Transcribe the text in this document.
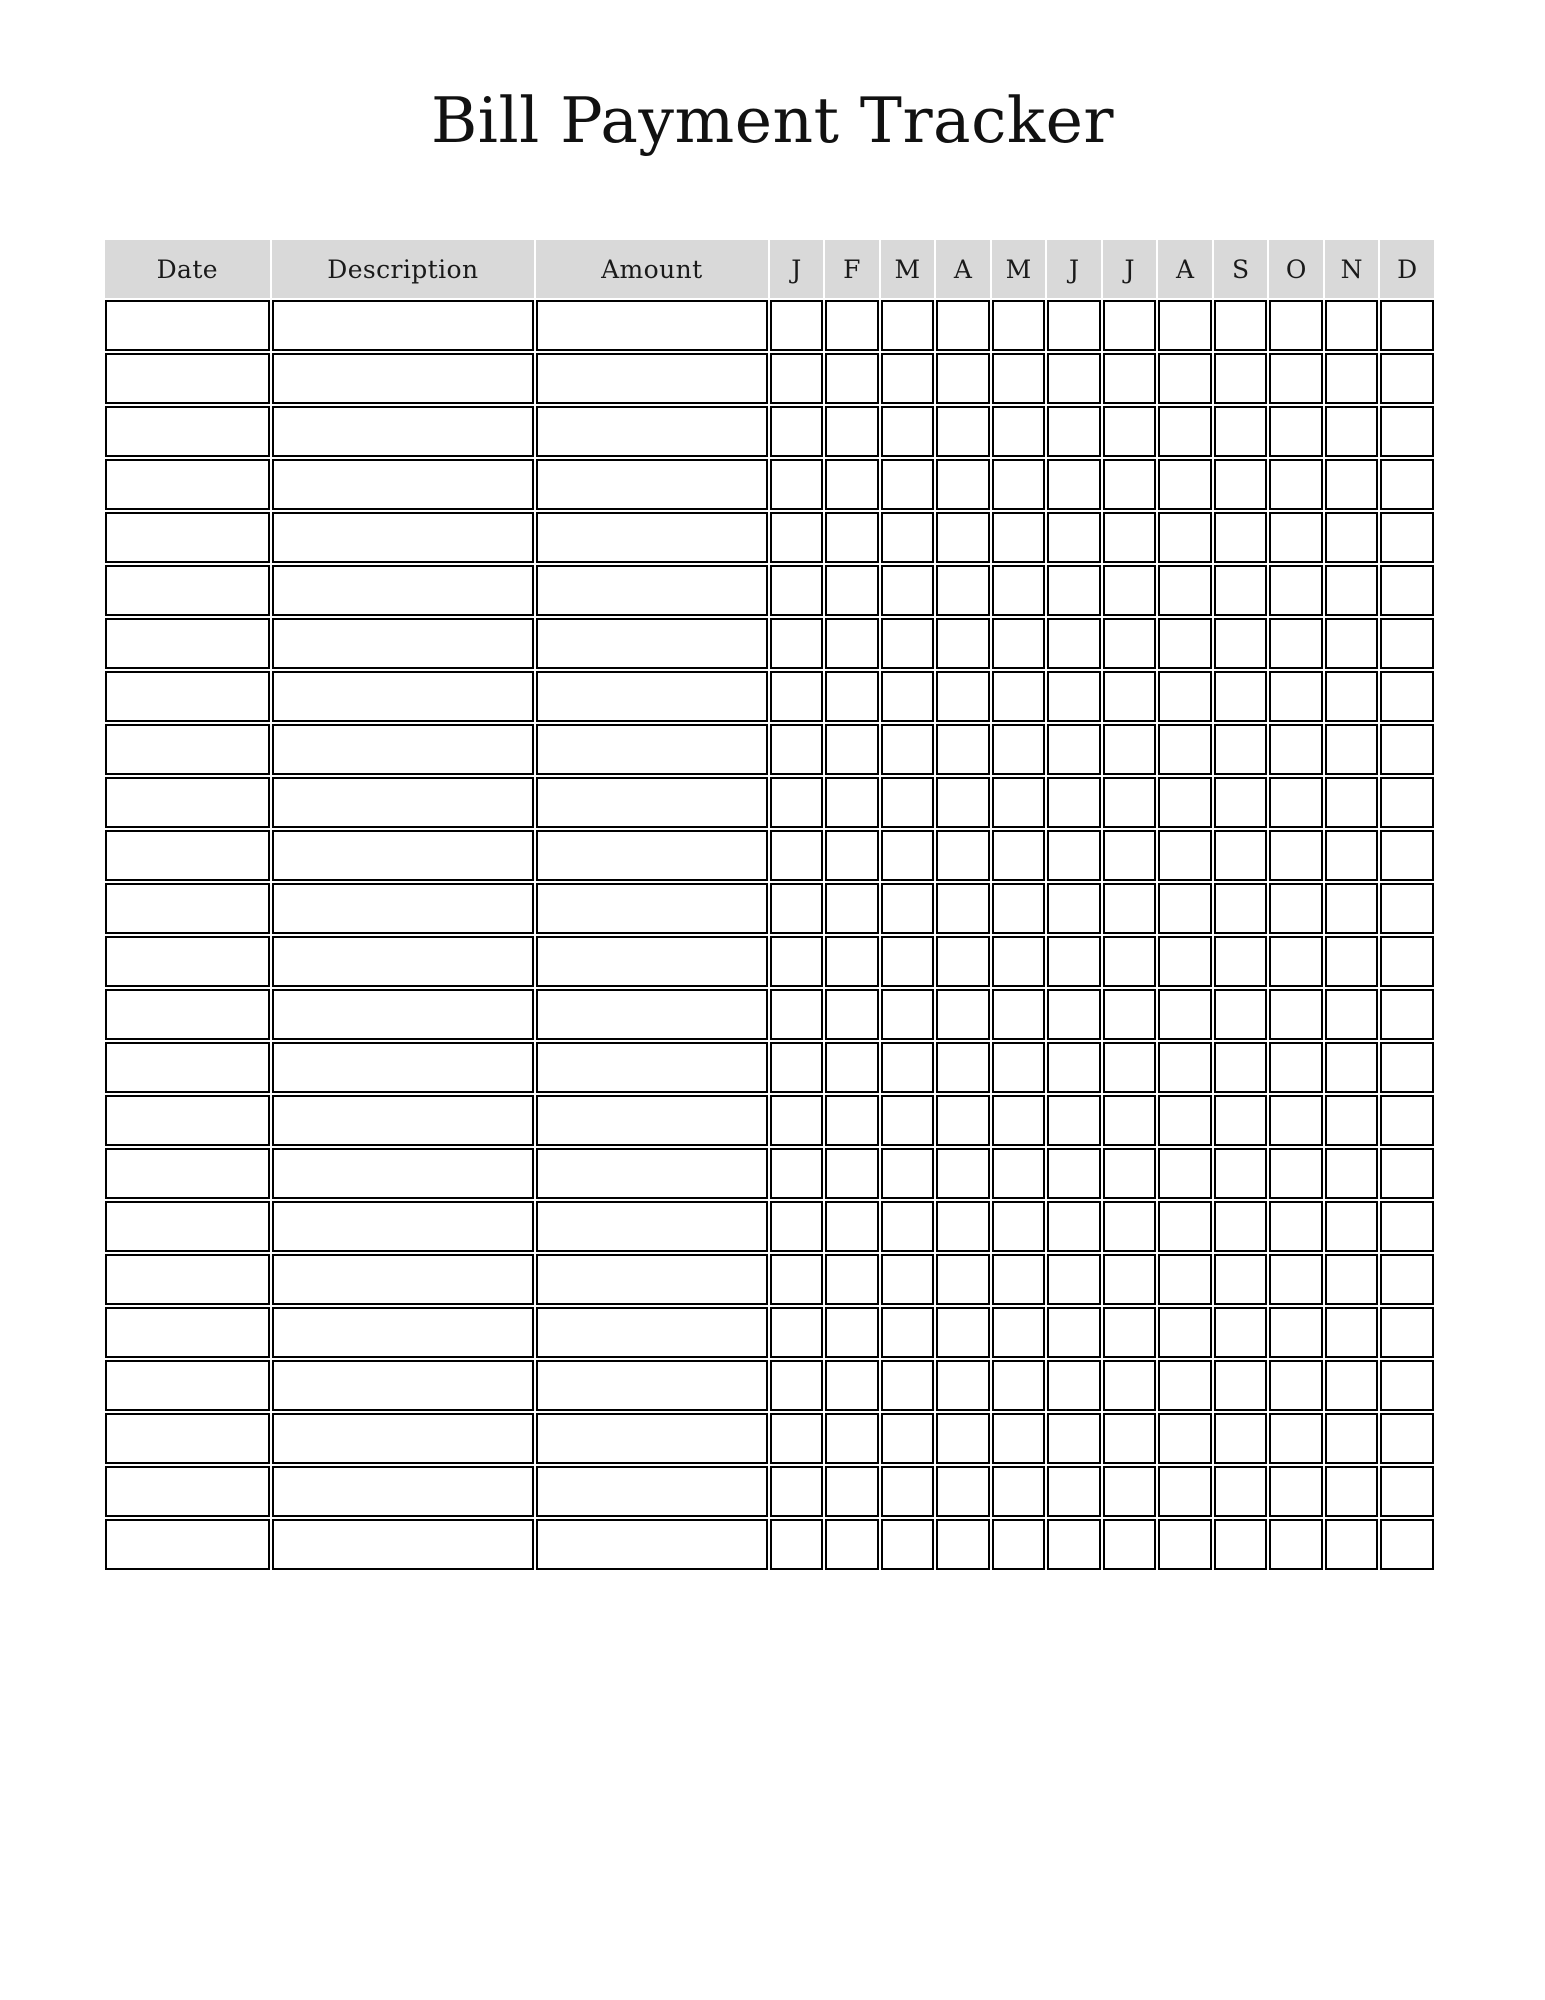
Bill Payment Tracker
Date	Description	Amount	J	F	M	A	M	J	J	A	S	O	N	D
